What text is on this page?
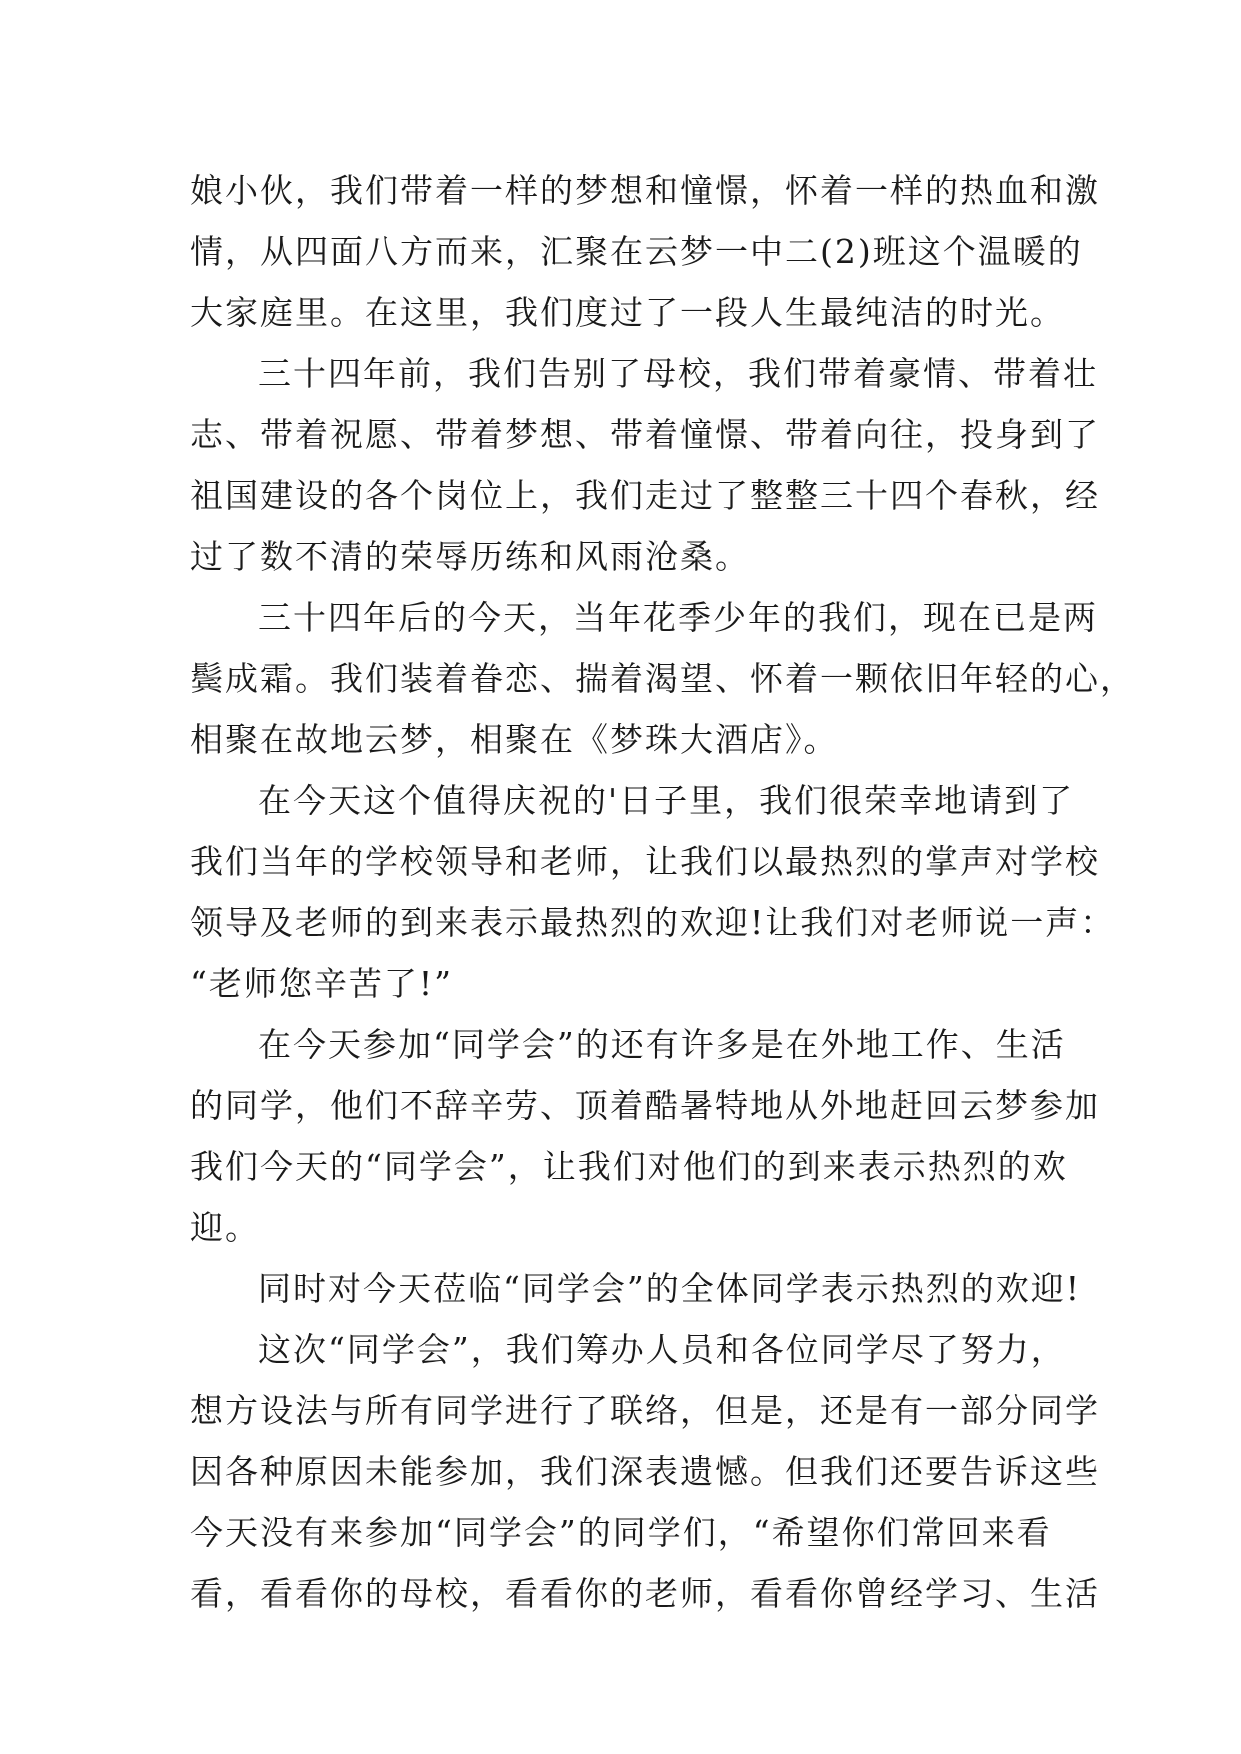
娘小伙，我们带着一样的梦想和憧憬，怀着一样的热血和激
情，从四面八方而来，汇聚在云梦一中二(2)班这个温暖的
大家庭里。在这里，我们度过了一段人生最纯洁的时光。
三十四年前，我们告别了母校，我们带着豪情、带着壮
志、带着祝愿、带着梦想、带着憧憬、带着向往，投身到了
祖国建设的各个岗位上，我们走过了整整三十四个春秋，经
过了数不清的荣辱历练和风雨沧桑。
三十四年后的今天，当年花季少年的我们，现在已是两
鬓成霜。我们装着眷恋、揣着渴望、怀着一颗依旧年轻的心，
相聚在故地云梦，相聚在《梦珠大酒店》。
在今天这个值得庆祝的'日子里，我们很荣幸地请到了
我们当年的学校领导和老师，让我们以最热烈的掌声对学校
领导及老师的到来表示最热烈的欢迎!让我们对老师说一声：
“老师您辛苦了!”
在今天参加“同学会”的还有许多是在外地工作、生活
的同学，他们不辞辛劳、顶着酷暑特地从外地赶回云梦参加
我们今天的“同学会”，让我们对他们的到来表示热烈的欢
迎。
同时对今天莅临“同学会”的全体同学表示热烈的欢迎!
这次“同学会”，我们筹办人员和各位同学尽了努力，
想方设法与所有同学进行了联络，但是，还是有一部分同学
因各种原因未能参加，我们深表遗憾。但我们还要告诉这些
今天没有来参加“同学会”的同学们，“希望你们常回来看
看，看看你的母校，看看你的老师，看看你曾经学习、生活
